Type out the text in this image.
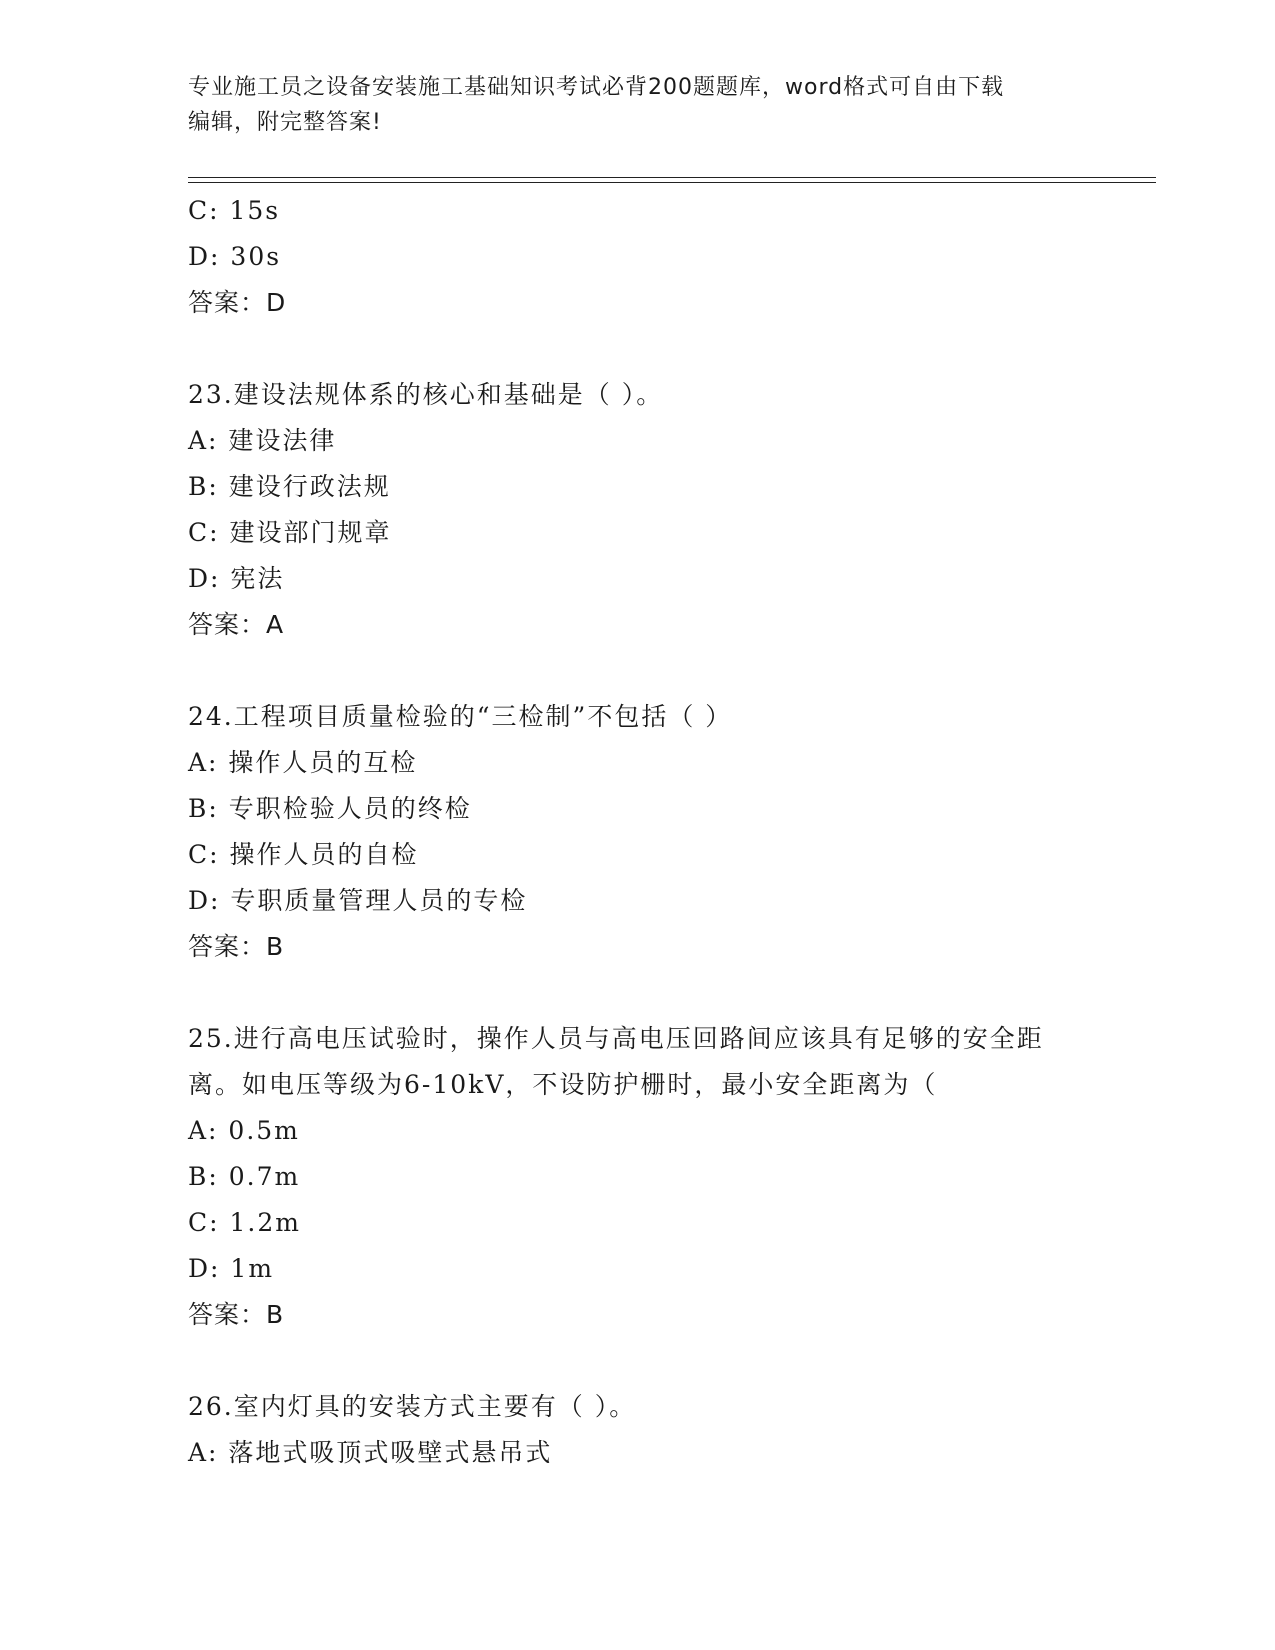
专业施工员之设备安装施工基础知识考试必背200题题库，word格式可自由下载
编辑，附完整答案!
C: 15s
D: 30s
答案：D
23.建设法规体系的核心和基础是（ ）。
A: 建设法律
B: 建设行政法规
C: 建设部门规章
D: 宪法
答案：A
24.工程项目质量检验的“三检制”不包括（ ）
A: 操作人员的互检
B: 专职检验人员的终检
C: 操作人员的自检
D: 专职质量管理人员的专检
答案：B
25.进行高电压试验时，操作人员与高电压回路间应该具有足够的安全距离。如电压等级为6-10kV，不设防护栅时，最小安全距离为（
A: 0.5m
B: 0.7m
C: 1.2m
D: 1m
答案：B
26.室内灯具的安装方式主要有（ ）。
A: 落地式吸顶式吸壁式悬吊式
